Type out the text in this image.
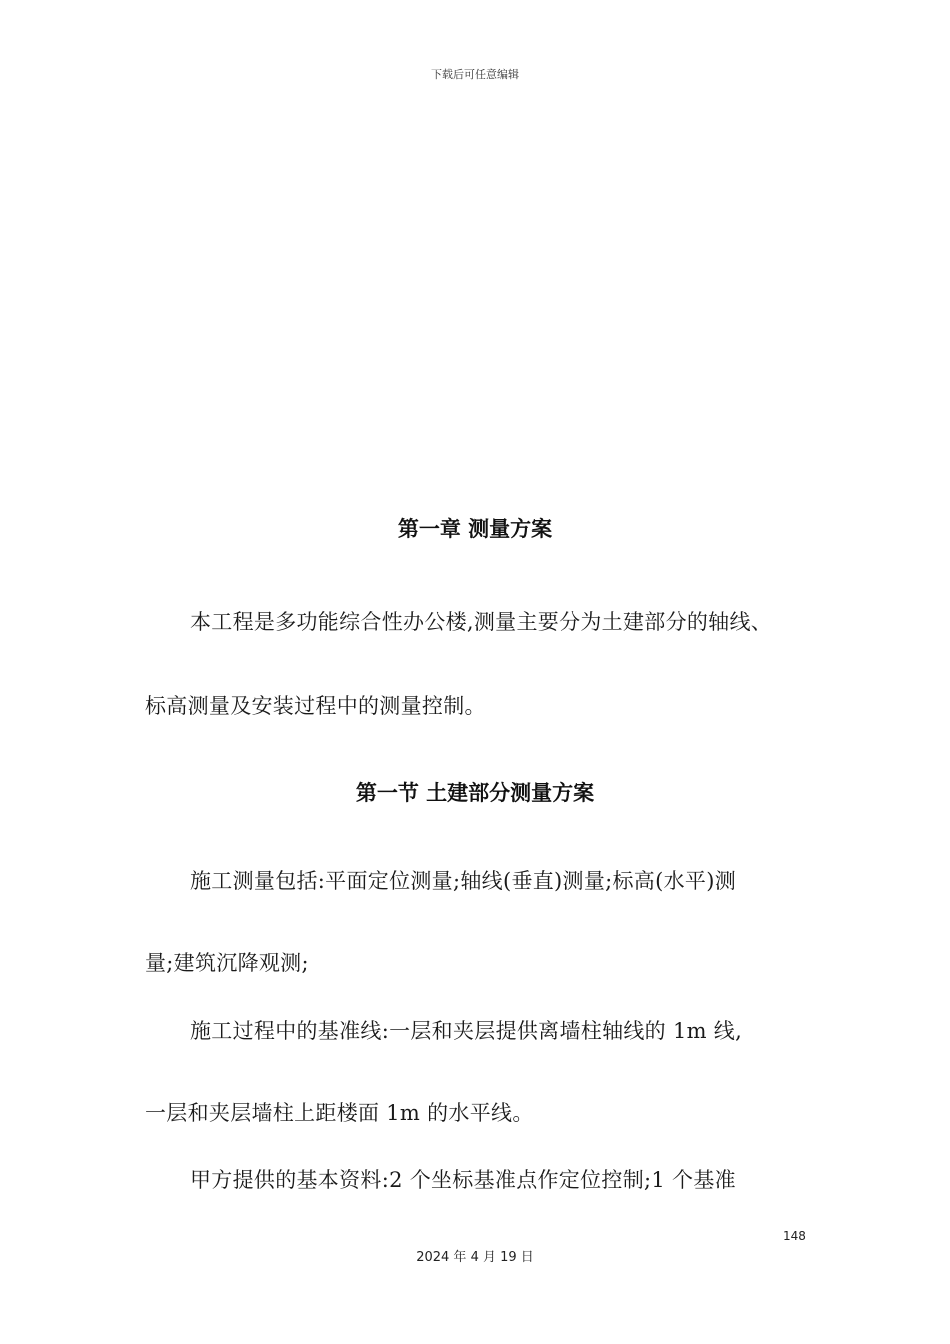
下载后可任意编辑
第一章 测量方案
本工程是多功能综合性办公楼,测量主要分为土建部分的轴线、
标高测量及安装过程中的测量控制。
第一节 土建部分测量方案
施工测量包括:平面定位测量;轴线(垂直)测量;标高(水平)测
量;建筑沉降观测;
施工过程中的基准线:一层和夹层提供离墙柱轴线的 1m 线,
一层和夹层墙柱上距楼面 1m 的水平线。
甲方提供的基本资料:2 个坐标基准点作定位控制;1 个基准
148
2024 年 4 月 19 日
